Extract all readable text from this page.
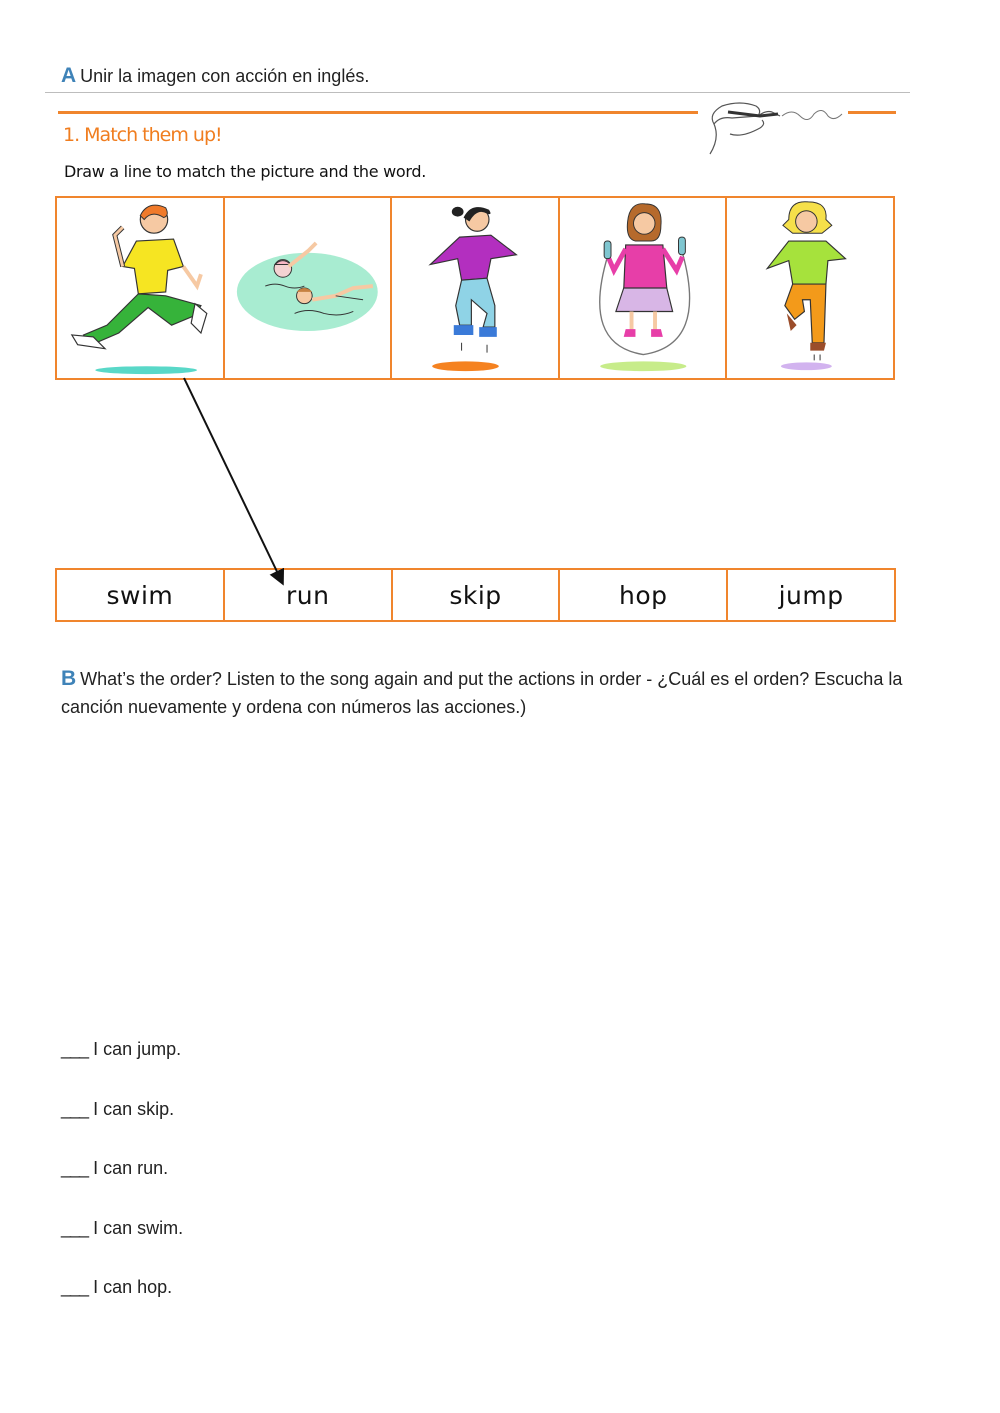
A Unir la imagen con acción en inglés.
1. Match them up!
Draw a line to match the picture and the word.
swim	run	skip	hop	jump
B What’s the order? Listen to the song again and put the actions in order - ¿Cuál es el orden? Escucha la canción nuevamente y ordena con números las acciones.)
___ I can jump.
___ I can skip.
___ I can run.
___ I can swim.
___ I can hop.
